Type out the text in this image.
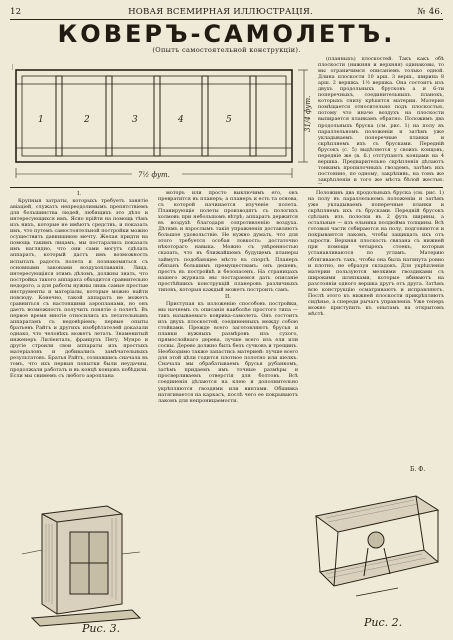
12	НОВАЯ ВСЕМИРНАЯ ИЛЛЮСТРАЦІЯ.	№ 46.
КОВЕРЪ-САМОЛЕТЪ.
(Опытъ самостоятельной конструкціи).
1	2	3	4	5
7½ фут.
31/4 фут.

(планныхъ) плоскостей. Такъ какъ обѣ плоскости (нижняя и верхняя) одинаковы, то мы ограничимся описаніемъ только одной. Длина плоскости 10 арш. 3 верш., ширина 8 арш. 2 вершка. 1½ вершка. Она состоитъ изъ двухъ продольныхъ брусковъ а и 6-ти поперечныхъ, соединительныхъ планокъ, которыхъ снизу крѣпятся материи. Материя помѣщается относительно подъ плоскостью, потому что иначе воздухъ на плоскости выпирается планкамъ обратно. Положимъ два продольныхъ бруска (см. рис. 1) на полу въ параллельномъ положеніи и затѣмъ уже укладываемъ поперечные планки и скрѣпляемъ ихъ съ брусками. Передній брусокъ (с. 5) выдѣляется у своихъ концовъ, передніе же (в. 6.) отступаютъ концами на 4 вершка. Предварительно скрѣпленія дѣлаютъ тонкимъ пропилочныхъ гвоздемъ, затѣмъ ихъ постоянно, по одному, закрѣпивъ, на томъ же закрѣпленіи и того же мѣста бѣлой жестью.

I.

Крупныя затраты, которыхъ требуетъ занятіе авіаціей, служатъ непреодолимымъ препятствіемъ для большинства людей, любящихъ это дѣло и интересующихся имъ. Ясно прійти на помощь тѣмъ изъ нихъ, которые не имѣютъ средствъ, и показать имъ, что путемъ самостоятельной постройки можно осуществить давнишнюю мечту. Желая придти на помощь такимъ лицамъ, мы постарались показать имъ наглядно, что они сами могутъ сдѣлать аппаратъ, который дастъ имъ возможность испытать радость полета и познакомиться съ основными законами воздухоплаванія. Лица, интересующіяся этимъ дѣломъ, должны знать, что постройка такого аппарата обходится сравнительно недорого, а для работы нужны лишь самые простые инструменты и матеріалы, которые можно найти повсюду. Конечно, такой аппаратъ не можетъ сравниться съ настоящими аэропланами, но онъ даетъ возможность получить понятіе о полетѣ. Въ первое время многіе относились къ летательнымъ аппаратамъ съ недовѣріемъ; первые опыты братьевъ Райтъ и другихъ изобрѣтателей доказали однако, что человѣкъ можетъ летать. Знаменитый инженеръ Лиліенталь, французъ Пегу, Мунро и другіе строили свои аппараты изъ простыхъ матеріаловъ и добивались замѣчательныхъ результатовъ. Братья Райтъ, сознавшись сначала въ томъ, что ихъ первыя попытки были неудачны, продолжали работать и въ концѣ концовъ побѣдили. Если мы снимемъ съ любого аэроплана

моторъ или просто выключимъ его, онъ превратится въ планеръ; а планеръ и есть та основа, съ которой начинается изученіе полета. Планирующіе полеты производятъ съ пологихъ холмовъ при небольшомъ вѣтрѣ; аппаратъ держится въ воздухѣ благодаря сопротивленію воздуха. Дѣтямъ и взрослымъ такія упражненія доставляютъ большое удовольствіе. Не нужно думать, что для этого требуется особая ловкость: достаточно нѣкотораго навыка. Можно съ увѣренностью сказать, что въ ближайшемъ будущемъ планеры займутъ подобающее мѣсто въ спортѣ. Планеръ обязанъ большимъ премуществамъ: онъ дешевъ, простъ въ постройкѣ и безопасенъ. На страницахъ нашего журнала мы постараемся дать описаніе простѣйшихъ конструкцій планеровъ различныхъ типовъ, которыя каждый можетъ построить самъ.

II.

Приступая къ изложенію способовъ постройки, мы начнемъ съ описанія наиболѣе простого типа — такъ называемаго коврика-самолета. Онъ состоитъ изъ двухъ плоскостей, соединенныхъ между собою стойками. Прежде всего заготовляютъ брусья и планки нужныхъ размѣровъ изъ сухого, прямослойнаго дерева, лучше всего изъ ели или сосны. Дерево должно быть безъ сучковъ и трещинъ. Необходимо также запастись материей: лучше всего для этой цѣли годится плотное полотно или шелкъ. Сначала мы обрабатываемъ брусья рубанкомъ, затѣмъ придаемъ имъ точные размѣры и просверливаемъ отверстія для болтовъ. Всѣ соединенія дѣлаются на клею и дополнительно укрѣпляются гвоздями или винтами. Обшивка натягивается на каркасъ, послѣ чего ее покрываютъ лакомъ для непроницаемости.

Положивъ два продольныхъ бруска (см. рис. 1) на полу въ параллельномъ положеніи и затѣмъ уже укладываемъ поперечные планки и скрѣпляемъ ихъ съ брусками. Передній брусокъ сдѣланъ изъ полоски въ 2 фута ширины, а остальные — изъ ельника полдюйма толщины. Всѣ готовыя части собираются на полу, подгоняются и покрываются лакомъ, чтобы защищать ихъ отъ сырости. Верхняя плоскость связана съ нижней при помощи четырехъ стоекъ, которыя устанавливаются по угламъ. Материю обтягиваютъ такъ, чтобы она была натянута ровно и плотно, не образуя складокъ. Для укрѣпленія материи пользуются мелкими гвоздиками съ широкими шляпками, которые вбиваютъ на разстояніи одного вершка другъ отъ друга. Затѣмъ всю конструкцію осматриваютъ и исправляютъ. Послѣ этого къ нижней плоскости прикрѣпляютъ сидѣнье, а спереди рычагъ управленія. Уже теперь можно приступить къ опытамъ на открытомъ мѣстѣ.

Б. Ф.
Рис. 3.	Рис. 2.
